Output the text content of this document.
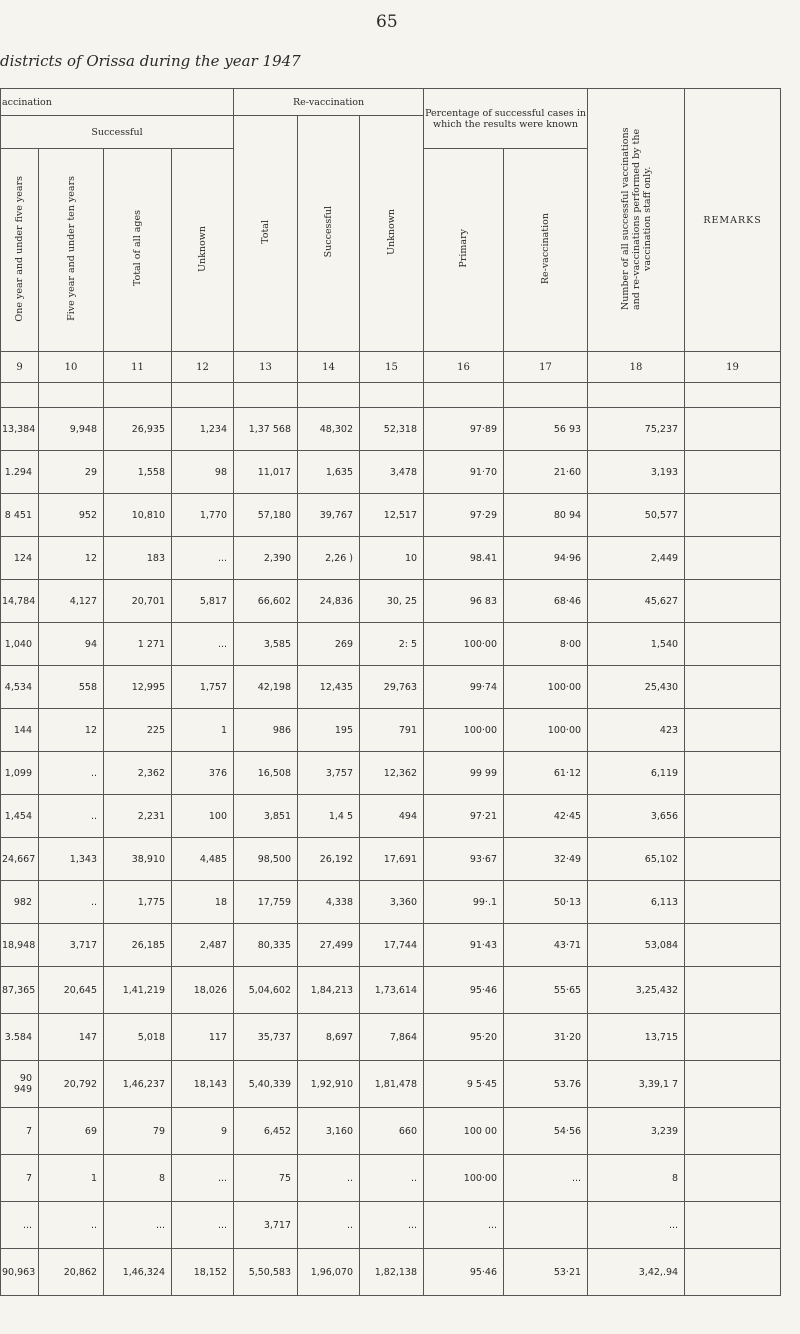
65
districts of Orissa during the year 1947
accination				Re-vaccination			Percentage of successful cases in which the results were known		Number of all successful vaccinations and re-vaccinations performed by the vaccination staff only.	REMARKS
Successful				Total	Successful	Unknown				
One year and under five years	Five year and under ten years	Total of all ages	Unknown				Primary	Re-vaccination		
9	10	11	12	13	14	15	16	17	18	19

13,384	9,948	26,935	1,234	1,37 568	48,302	52,318	97·89	56 93	75,237	
1.294	29	1,558	98	11,017	1,635	3,478	91·70	21·60	3,193	
8 451	952	10,810	1,770	57,180	39,767	12,517	97·29	80 94	50,577	
124	12	183	...	2,390	2,26 )	10	98.41	94·96	2,449	
14,784	4,127	20,701	5,817	66,602	24,836	30, 25	96 83	68·46	45,627	
1,040	94	1 271	...	3,585	269	2: 5	100·00	8·00	1,540	
4,534	558	12,995	1,757	42,198	12,435	29,763	99·74	100·00	25,430	
144	12	225	1	986	195	791	100·00	100·00	423	
1,099	..	2,362	376	16,508	3,757	12,362	99 99	61·12	6,119	
1,454	..	2,231	100	3,851	1,4 5	494	97·21	42·45	3,656	
24,667	1,343	38,910	4,485	98,500	26,192	17,691	93·67	32·49	65,102	
982	..	1,775	18	17,759	4,338	3,360	99·.1	50·13	6,113	
18,948	3,717	26,185	2,487	80,335	27,499	17,744	91·43	43·71	53,084	
87,365	20,645	1,41,219	18,026	5,04,602	1,84,213	1,73,614	95·46	55·65	3,25,432	
3.584	147	5,018	117	35,737	8,697	7,864	95·20	31·20	13,715	
90 949	20,792	1,46,237	18,143	5,40,339	1,92,910	1,81,478	9 5·45	53.76	3,39,1 7	
7	69	79	9	6,452	3,160	660	100 00	54·56	3,239	
7	1	8	...	75	..	..	100·00	...	8	
...	..	...	...	3,717	..	...	...		...	
90,963	20,862	1,46,324	18,152	5,50,583	1,96,070	1,82,138	95·46	53·21	3,42,.94	
